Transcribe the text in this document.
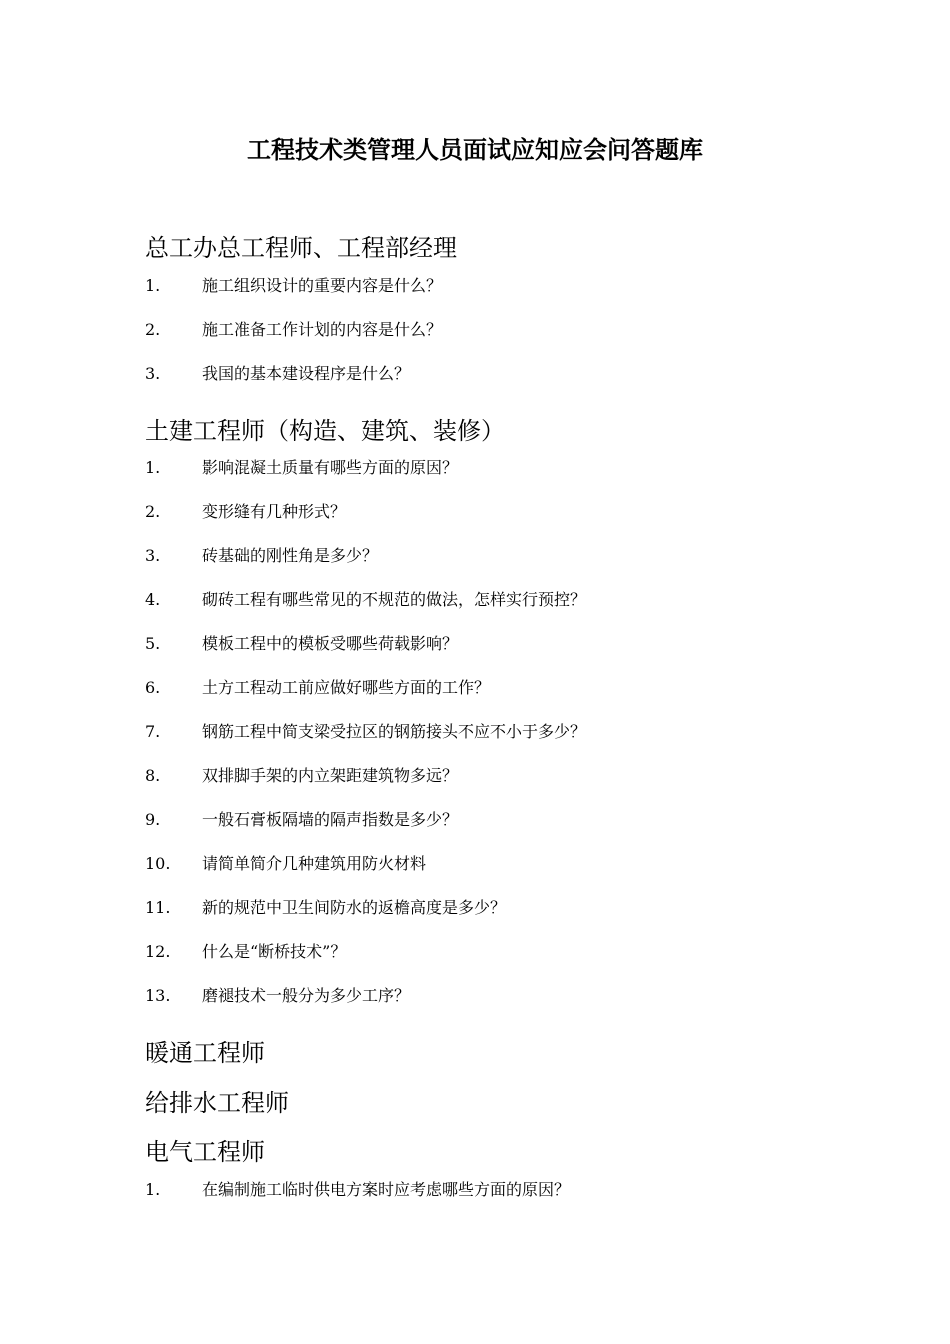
工程技术类管理人员面试应知应会问答题库
总工办总工程师、工程部经理
1.	施工组织设计的重要内容是什么？
2.	施工准备工作计划的内容是什么？
3.	我国的基本建设程序是什么？
土建工程师（构造、建筑、装修）
1.	影响混凝土质量有哪些方面的原因？
2.	变形缝有几种形式？
3.	砖基础的刚性角是多少？
4.	砌砖工程有哪些常见的不规范的做法，怎样实行预控？
5.	模板工程中的模板受哪些荷载影响？
6.	土方工程动工前应做好哪些方面的工作？
7.	钢筋工程中简支梁受拉区的钢筋接头不应不小于多少？
8.	双排脚手架的内立架距建筑物多远？
9.	一般石膏板隔墙的隔声指数是多少？
10. 请简单简介几种建筑用防火材料
11. 新的规范中卫生间防水的返檐高度是多少？
12. 什么是“断桥技术”？
13. 磨褪技术一般分为多少工序？
暖通工程师
给排水工程师
电气工程师
1.	在编制施工临时供电方案时应考虑哪些方面的原因？
